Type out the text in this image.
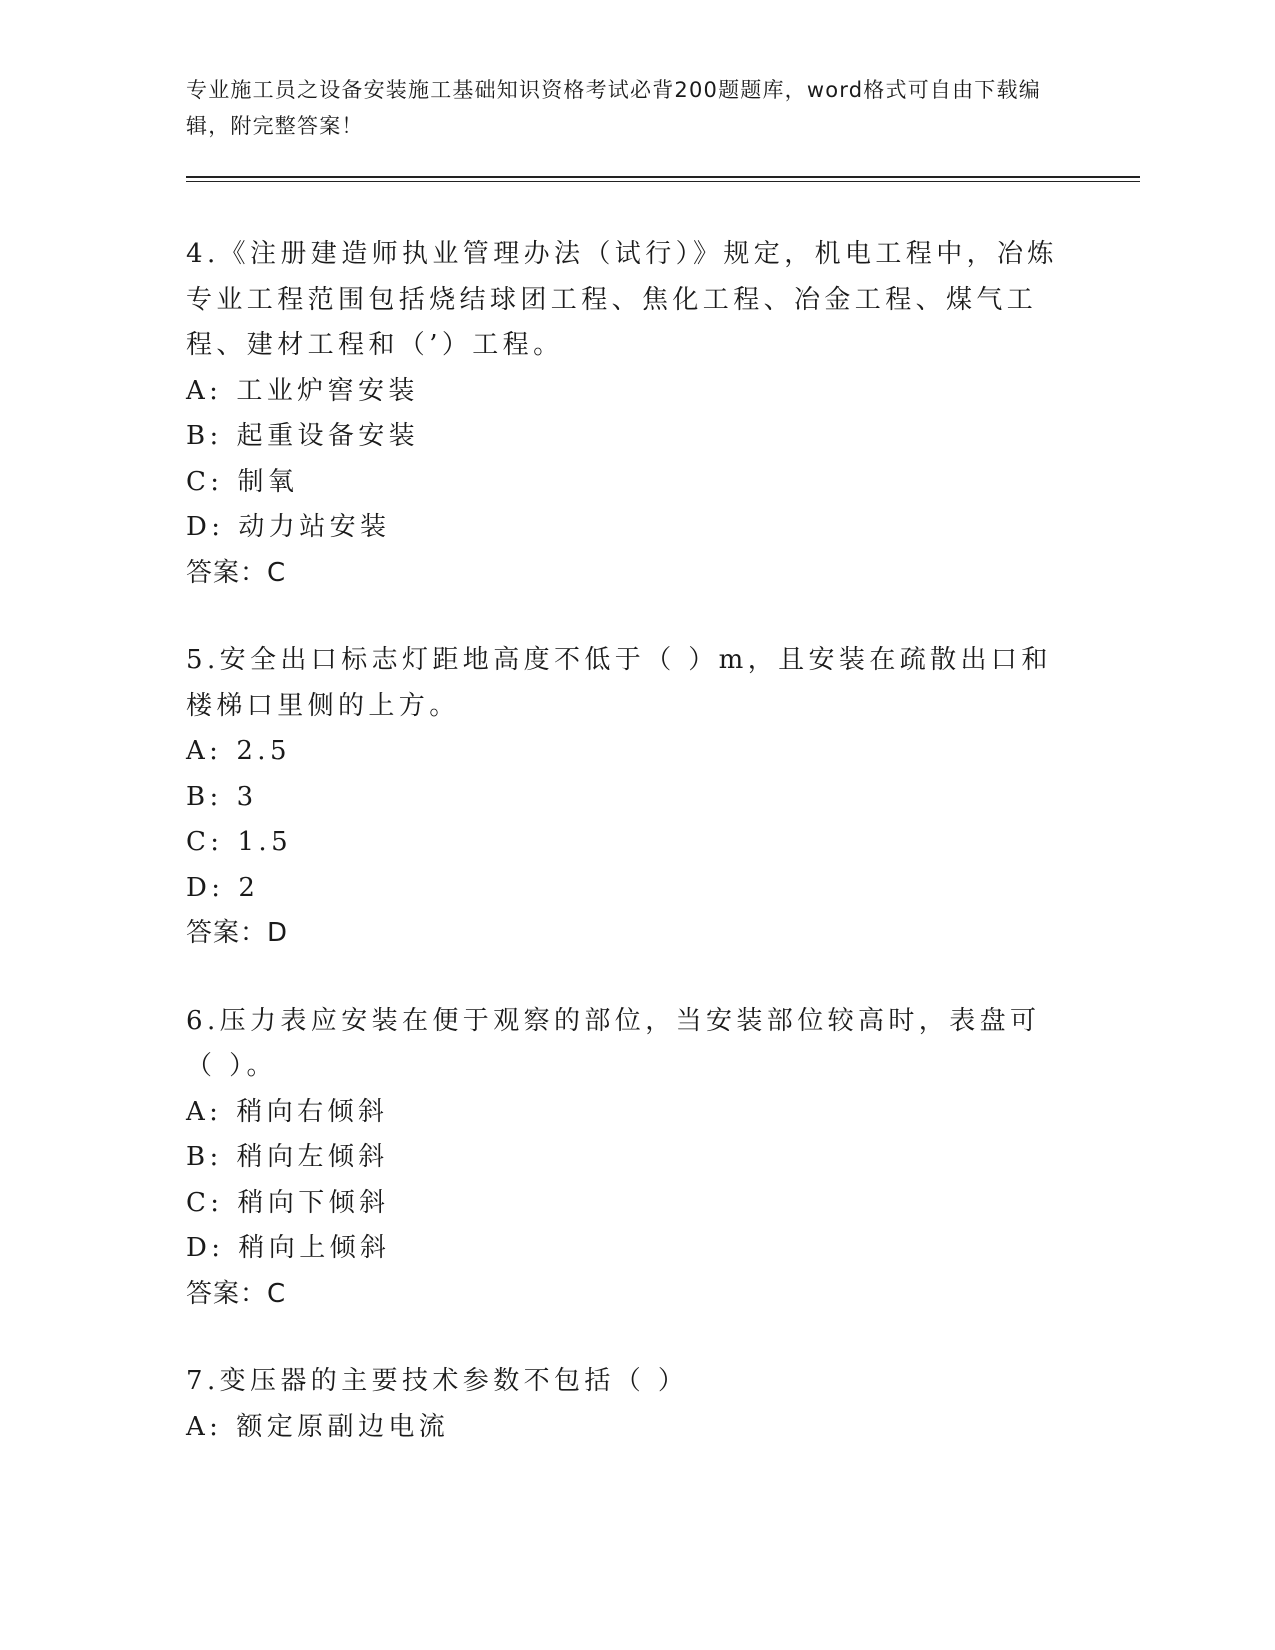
专业施工员之设备安装施工基础知识资格考试必背200题题库，word格式可自由下载编辑，附完整答案！

4.《注册建造师执业管理办法（试行）》规定，机电工程中，冶炼专业工程范围包括烧结球团工程、焦化工程、冶金工程、煤气工程、建材工程和（’）工程。

A: 工业炉窖安装

B: 起重设备安装

C: 制氧

D: 动力站安装

答案：C

5.安全出口标志灯距地高度不低于（ ）m，且安装在疏散出口和楼梯口里侧的上方。

A: 2.5

B: 3

C: 1.5

D: 2

答案：D

6.压力表应安装在便于观察的部位，当安装部位较高时，表盘可（ ）。

A: 稍向右倾斜

B: 稍向左倾斜

C: 稍向下倾斜

D: 稍向上倾斜

答案：C

7.变压器的主要技术参数不包括（ ）

A: 额定原副边电流
